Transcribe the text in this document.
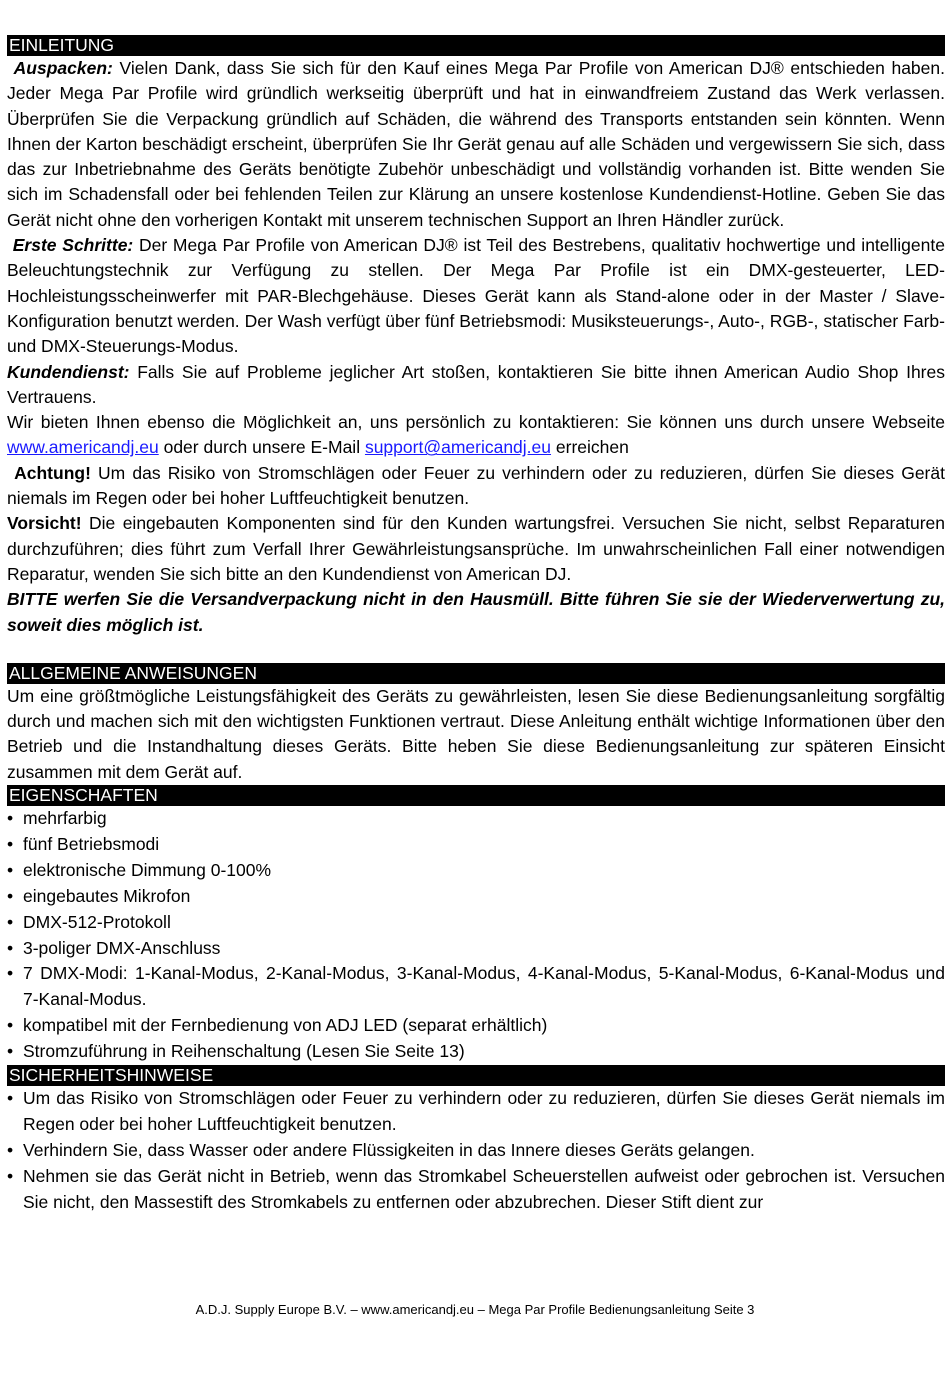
EINLEITUNG

Auspacken: Vielen Dank, dass Sie sich für den Kauf eines Mega Par Profile von American DJ® entschieden haben. Jeder Mega Par Profile wird gründlich werkseitig überprüft und hat in einwandfreiem Zustand das Werk verlassen. Überprüfen Sie die Verpackung gründlich auf Schäden, die während des Transports entstanden sein könnten. Wenn Ihnen der Karton beschädigt erscheint, überprüfen Sie Ihr Gerät genau auf alle Schäden und vergewissern Sie sich, dass das zur Inbetriebnahme des Geräts benötigte Zubehör unbeschädigt und vollständig vorhanden ist. Bitte wenden Sie sich im Schadensfall oder bei fehlenden Teilen zur Klärung an unsere kostenlose Kundendienst-Hotline. Geben Sie das Gerät nicht ohne den vorherigen Kontakt mit unserem technischen Support an Ihren Händler zurück.

Erste Schritte: Der Mega Par Profile von American DJ® ist Teil des Bestrebens, qualitativ hochwertige und intelligente Beleuchtungstechnik zur Verfügung zu stellen. Der Mega Par Profile ist ein DMX-gesteuerter, LED-Hochleistungsscheinwerfer mit PAR-Blechgehäuse. Dieses Gerät kann als Stand-alone oder in der Master / Slave-Konfiguration benutzt werden. Der Wash verfügt über fünf Betriebsmodi: Musiksteuerungs-, Auto-, RGB-, statischer Farb- und DMX-Steuerungs-Modus.

Kundendienst: Falls Sie auf Probleme jeglicher Art stoßen, kontaktieren Sie bitte ihnen American Audio Shop Ihres Vertrauens.

Wir bieten Ihnen ebenso die Möglichkeit an, uns persönlich zu kontaktieren: Sie können uns durch unsere Webseite www.americandj.eu oder durch unsere E-Mail support@americandj.eu erreichen

Achtung! Um das Risiko von Stromschlägen oder Feuer zu verhindern oder zu reduzieren, dürfen Sie dieses Gerät niemals im Regen oder bei hoher Luftfeuchtigkeit benutzen.

Vorsicht! Die eingebauten Komponenten sind für den Kunden wartungsfrei. Versuchen Sie nicht, selbst Reparaturen durchzuführen; dies führt zum Verfall Ihrer Gewährleistungsansprüche. Im unwahrscheinlichen Fall einer notwendigen Reparatur, wenden Sie sich bitte an den Kundendienst von American DJ.

BITTE werfen Sie die Versandverpackung nicht in den Hausmüll. Bitte führen Sie sie der Wiederverwertung zu, soweit dies möglich ist.

ALLGEMEINE ANWEISUNGEN

Um eine größtmögliche Leistungsfähigkeit des Geräts zu gewährleisten, lesen Sie diese Bedienungsanleitung sorgfältig durch und machen sich mit den wichtigsten Funktionen vertraut. Diese Anleitung enthält wichtige Informationen über den Betrieb und die Instandhaltung dieses Geräts. Bitte heben Sie diese Bedienungsanleitung zur späteren Einsicht zusammen mit dem Gerät auf.

EIGENSCHAFTEN
• mehrfarbig
• fünf Betriebsmodi
• elektronische Dimmung 0-100%
• eingebautes Mikrofon
• DMX-512-Protokoll
• 3-poliger DMX-Anschluss
• 7 DMX-Modi: 1-Kanal-Modus, 2-Kanal-Modus, 3-Kanal-Modus, 4-Kanal-Modus, 5-Kanal-Modus, 6-Kanal-Modus und 7-Kanal-Modus.
• kompatibel mit der Fernbedienung von ADJ LED (separat erhältlich)
• Stromzuführung in Reihenschaltung (Lesen Sie Seite 13)
SICHERHEITSHINWEISE
• Um das Risiko von Stromschlägen oder Feuer zu verhindern oder zu reduzieren, dürfen Sie dieses Gerät niemals im Regen oder bei hoher Luftfeuchtigkeit benutzen.
• Verhindern Sie, dass Wasser oder andere Flüssigkeiten in das Innere dieses Geräts gelangen.
• Nehmen sie das Gerät nicht in Betrieb, wenn das Stromkabel Scheuerstellen aufweist oder gebrochen ist. Versuchen Sie nicht, den Massestift des Stromkabels zu entfernen oder abzubrechen. Dieser Stift dient zur
A.D.J. Supply Europe B.V. – www.americandj.eu – Mega Par Profile Bedienungsanleitung Seite 3
